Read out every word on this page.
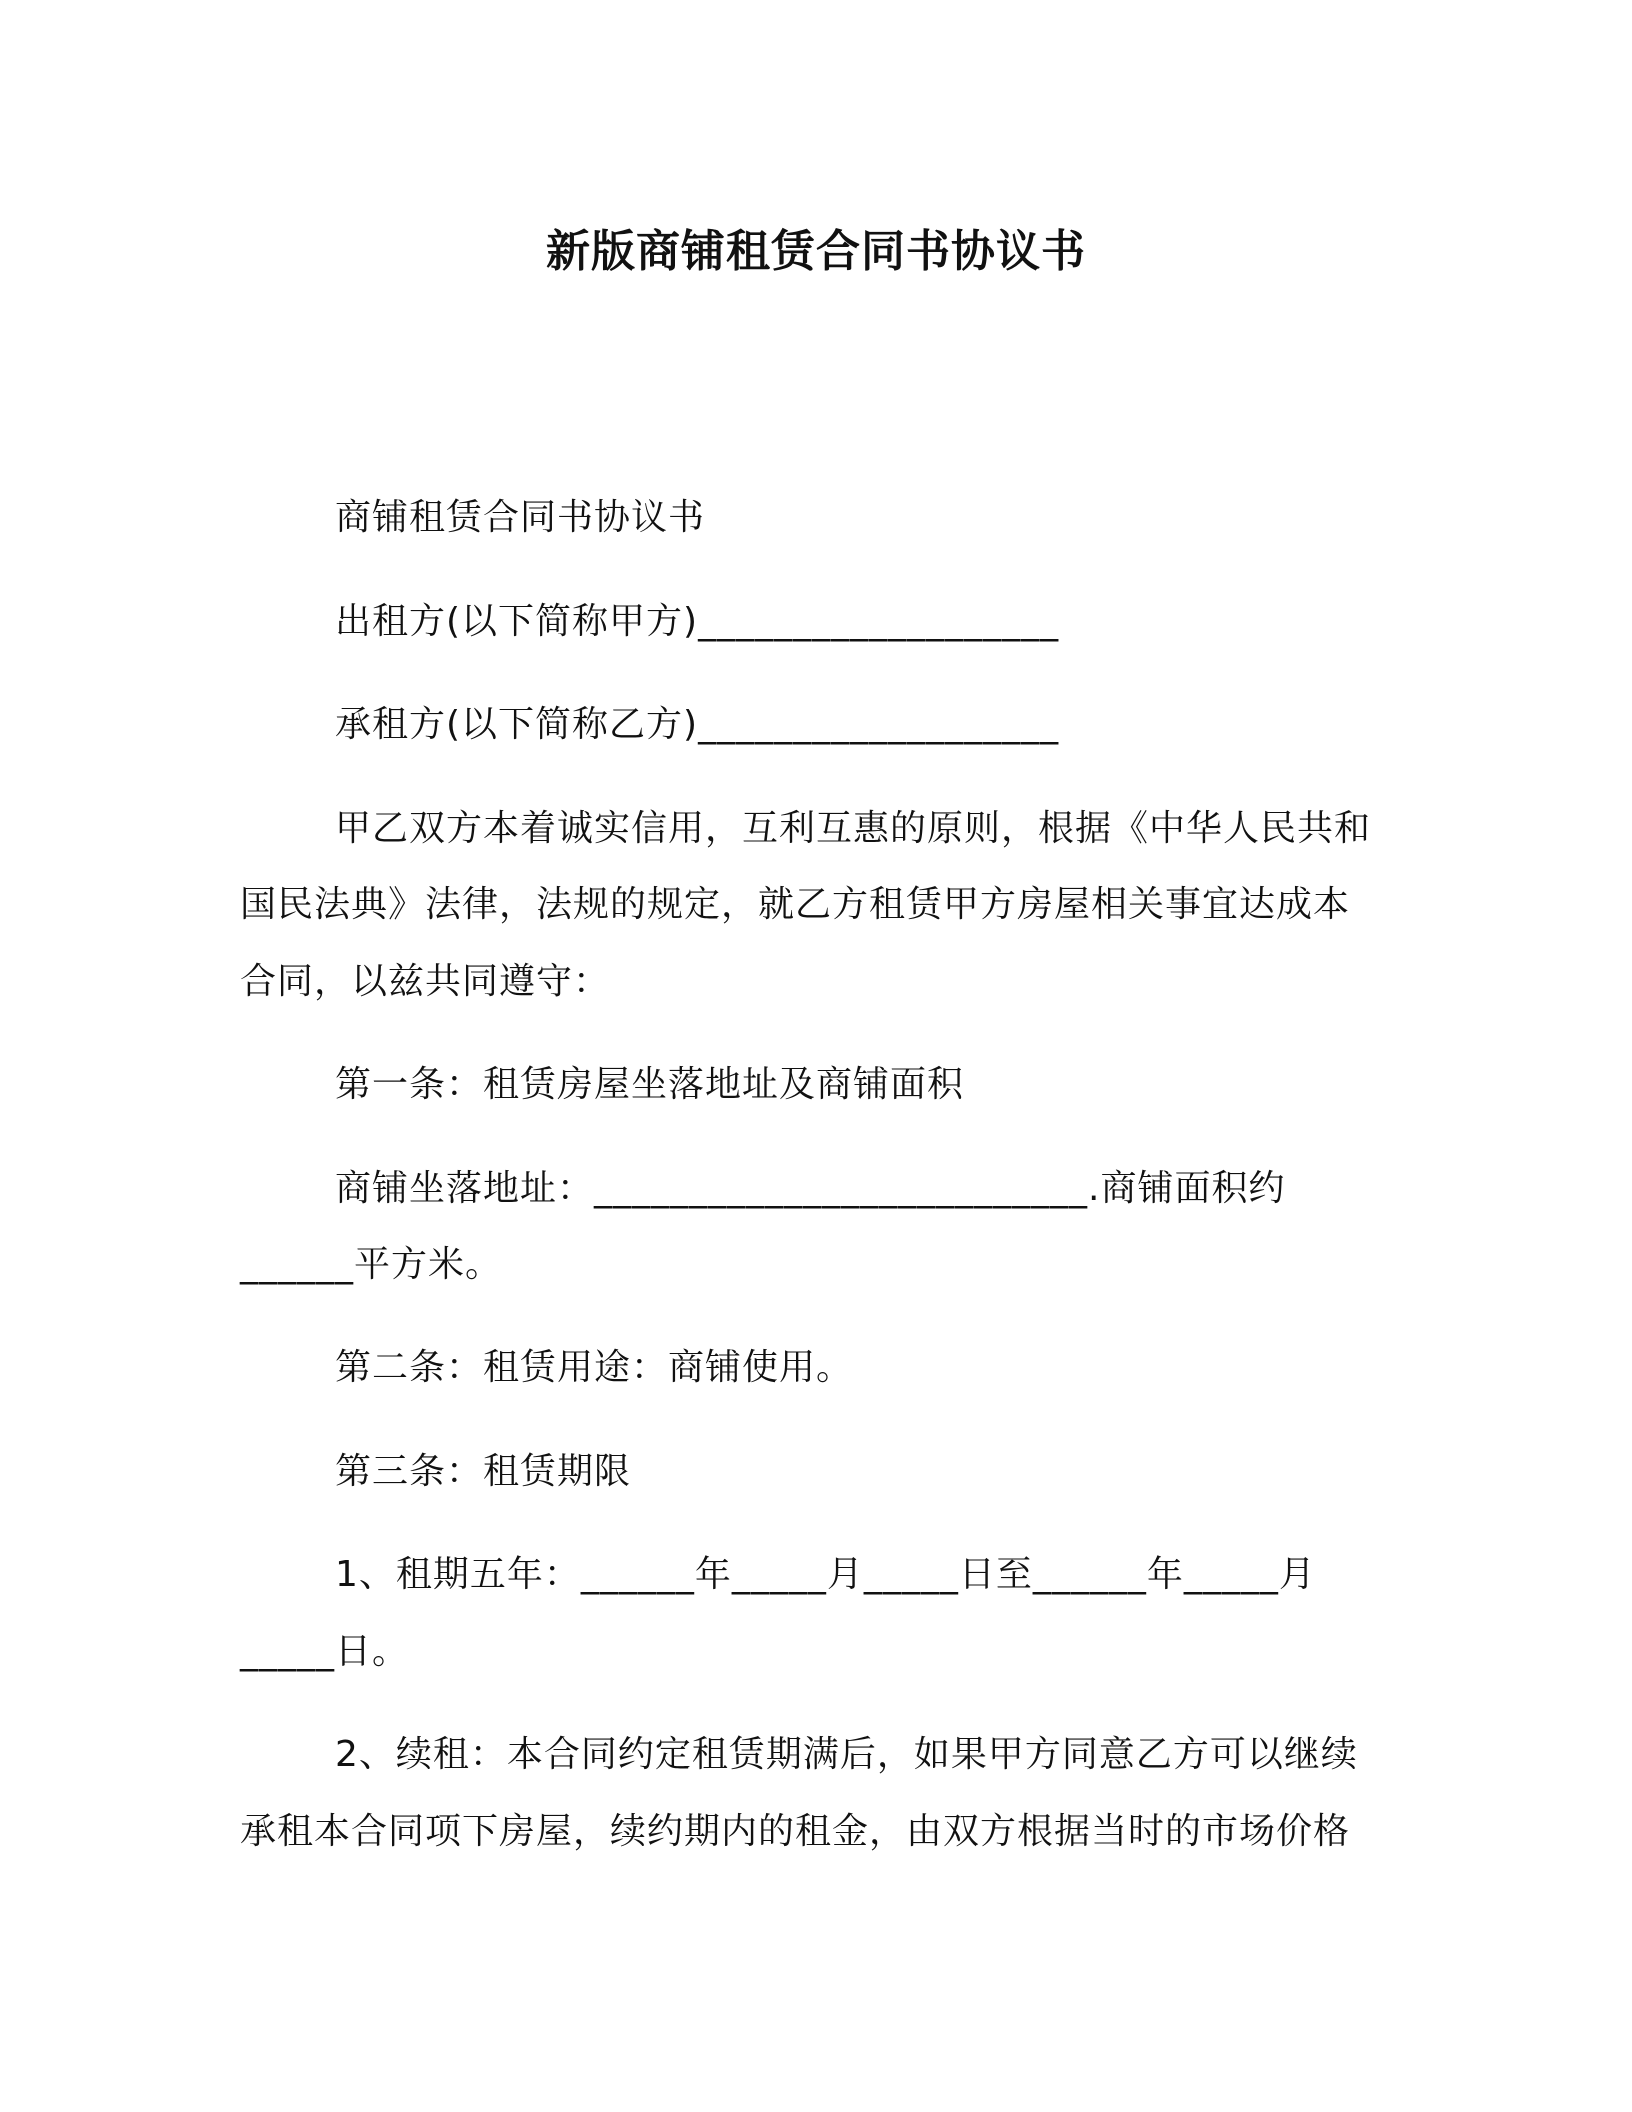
新版商铺租赁合同书协议书
商铺租赁合同书协议书
出租方(以下简称甲方)___________________
承租方(以下简称乙方)___________________
甲乙双方本着诚实信用，互利互惠的原则，根据《中华人民共和
国民法典》法律，法规的规定，就乙方租赁甲方房屋相关事宜达成本
合同，以兹共同遵守：
第一条：租赁房屋坐落地址及商铺面积
商铺坐落地址：__________________________.商铺面积约
______平方米。
第二条：租赁用途：商铺使用。
第三条：租赁期限
1、租期五年：______年_____月_____日至______年_____月
_____日。
2、续租：本合同约定租赁期满后，如果甲方同意乙方可以继续
承租本合同项下房屋，续约期内的租金，由双方根据当时的市场价格
